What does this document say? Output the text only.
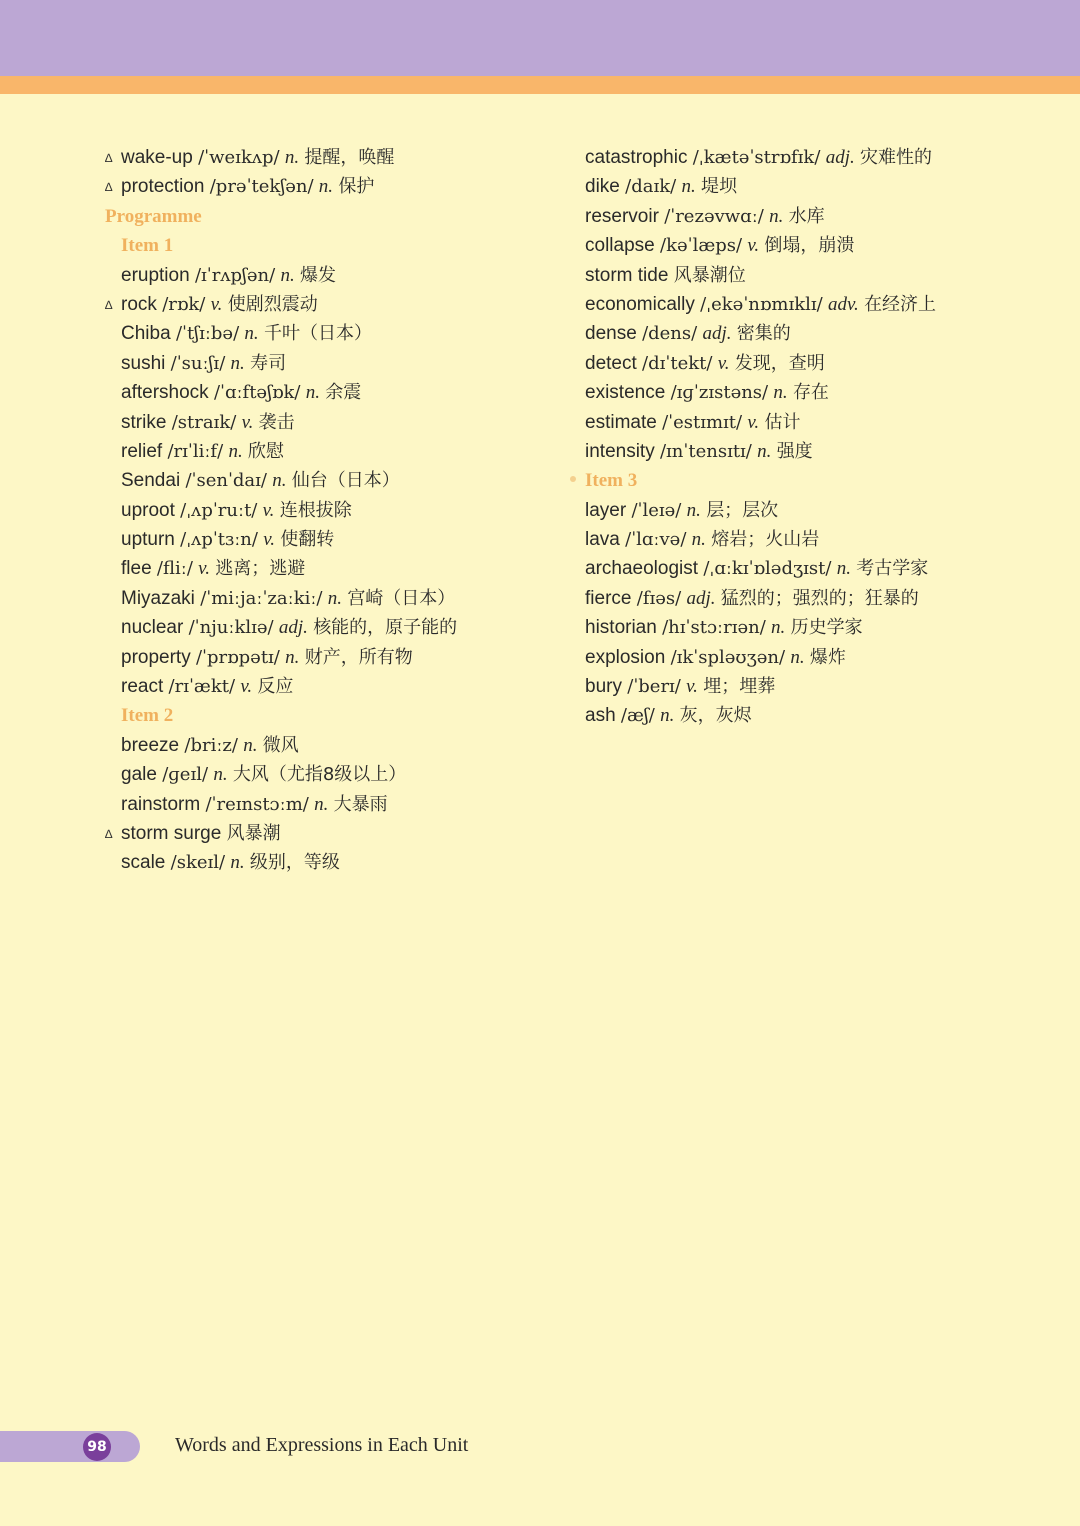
∆ wake-up /ˈweɪkʌp/ n. 提醒，唤醒
∆ protection /prəˈtekʃən/ n. 保护
Programme
Item 1
eruption /ɪˈrʌpʃən/ n. 爆发
∆ rock /rɒk/ v. 使剧烈震动
Chiba /ˈtʃɪːbə/ n. 千叶（日本）
sushi /ˈsuːʃɪ/ n. 寿司
aftershock /ˈɑːftəʃɒk/ n. 余震
strike /straɪk/ v. 袭击
relief /rɪˈliːf/ n. 欣慰
Sendai /ˈsenˈdaɪ/ n. 仙台（日本）
uproot /ˌʌpˈruːt/ v. 连根拔除
upturn /ˌʌpˈtɜːn/ v. 使翻转
flee /fliː/ v. 逃离；逃避
Miyazaki /ˈmiːjaːˈzaːkiː/ n. 宫崎（日本）
nuclear /ˈnjuːklɪə/ adj. 核能的，原子能的
property /ˈprɒpətɪ/ n. 财产，所有物
react /rɪˈækt/ v. 反应
Item 2
breeze /briːz/ n. 微风
gale /ɡeɪl/ n. 大风（尤指8级以上）
rainstorm /ˈreɪnstɔːm/ n. 大暴雨
∆ storm surge 风暴潮
scale /skeɪl/ n. 级别，等级
catastrophic /ˌkætəˈstrɒfɪk/ adj. 灾难性的
dike /daɪk/ n. 堤坝
reservoir /ˈrezəvwɑː/ n. 水库
collapse /kəˈlæps/ v. 倒塌，崩溃
storm tide 风暴潮位
economically /ˌekəˈnɒmɪklɪ/ adv. 在经济上
dense /dens/ adj. 密集的
detect /dɪˈtekt/ v. 发现，查明
existence /ɪɡˈzɪstəns/ n. 存在
estimate /ˈestɪmɪt/ v. 估计
intensity /ɪnˈtensɪtɪ/ n. 强度
Item 3
layer /ˈleɪə/ n. 层；层次
lava /ˈlɑːvə/ n. 熔岩；火山岩
archaeologist /ˌɑːkɪˈɒlədʒɪst/ n. 考古学家
fierce /fɪəs/ adj. 猛烈的；强烈的；狂暴的
historian /hɪˈstɔːrɪən/ n. 历史学家
explosion /ɪkˈspləʊʒən/ n. 爆炸
bury /ˈberɪ/ v. 埋；埋葬
ash /æʃ/ n. 灰，灰烬
98	Words and Expressions in Each Unit
